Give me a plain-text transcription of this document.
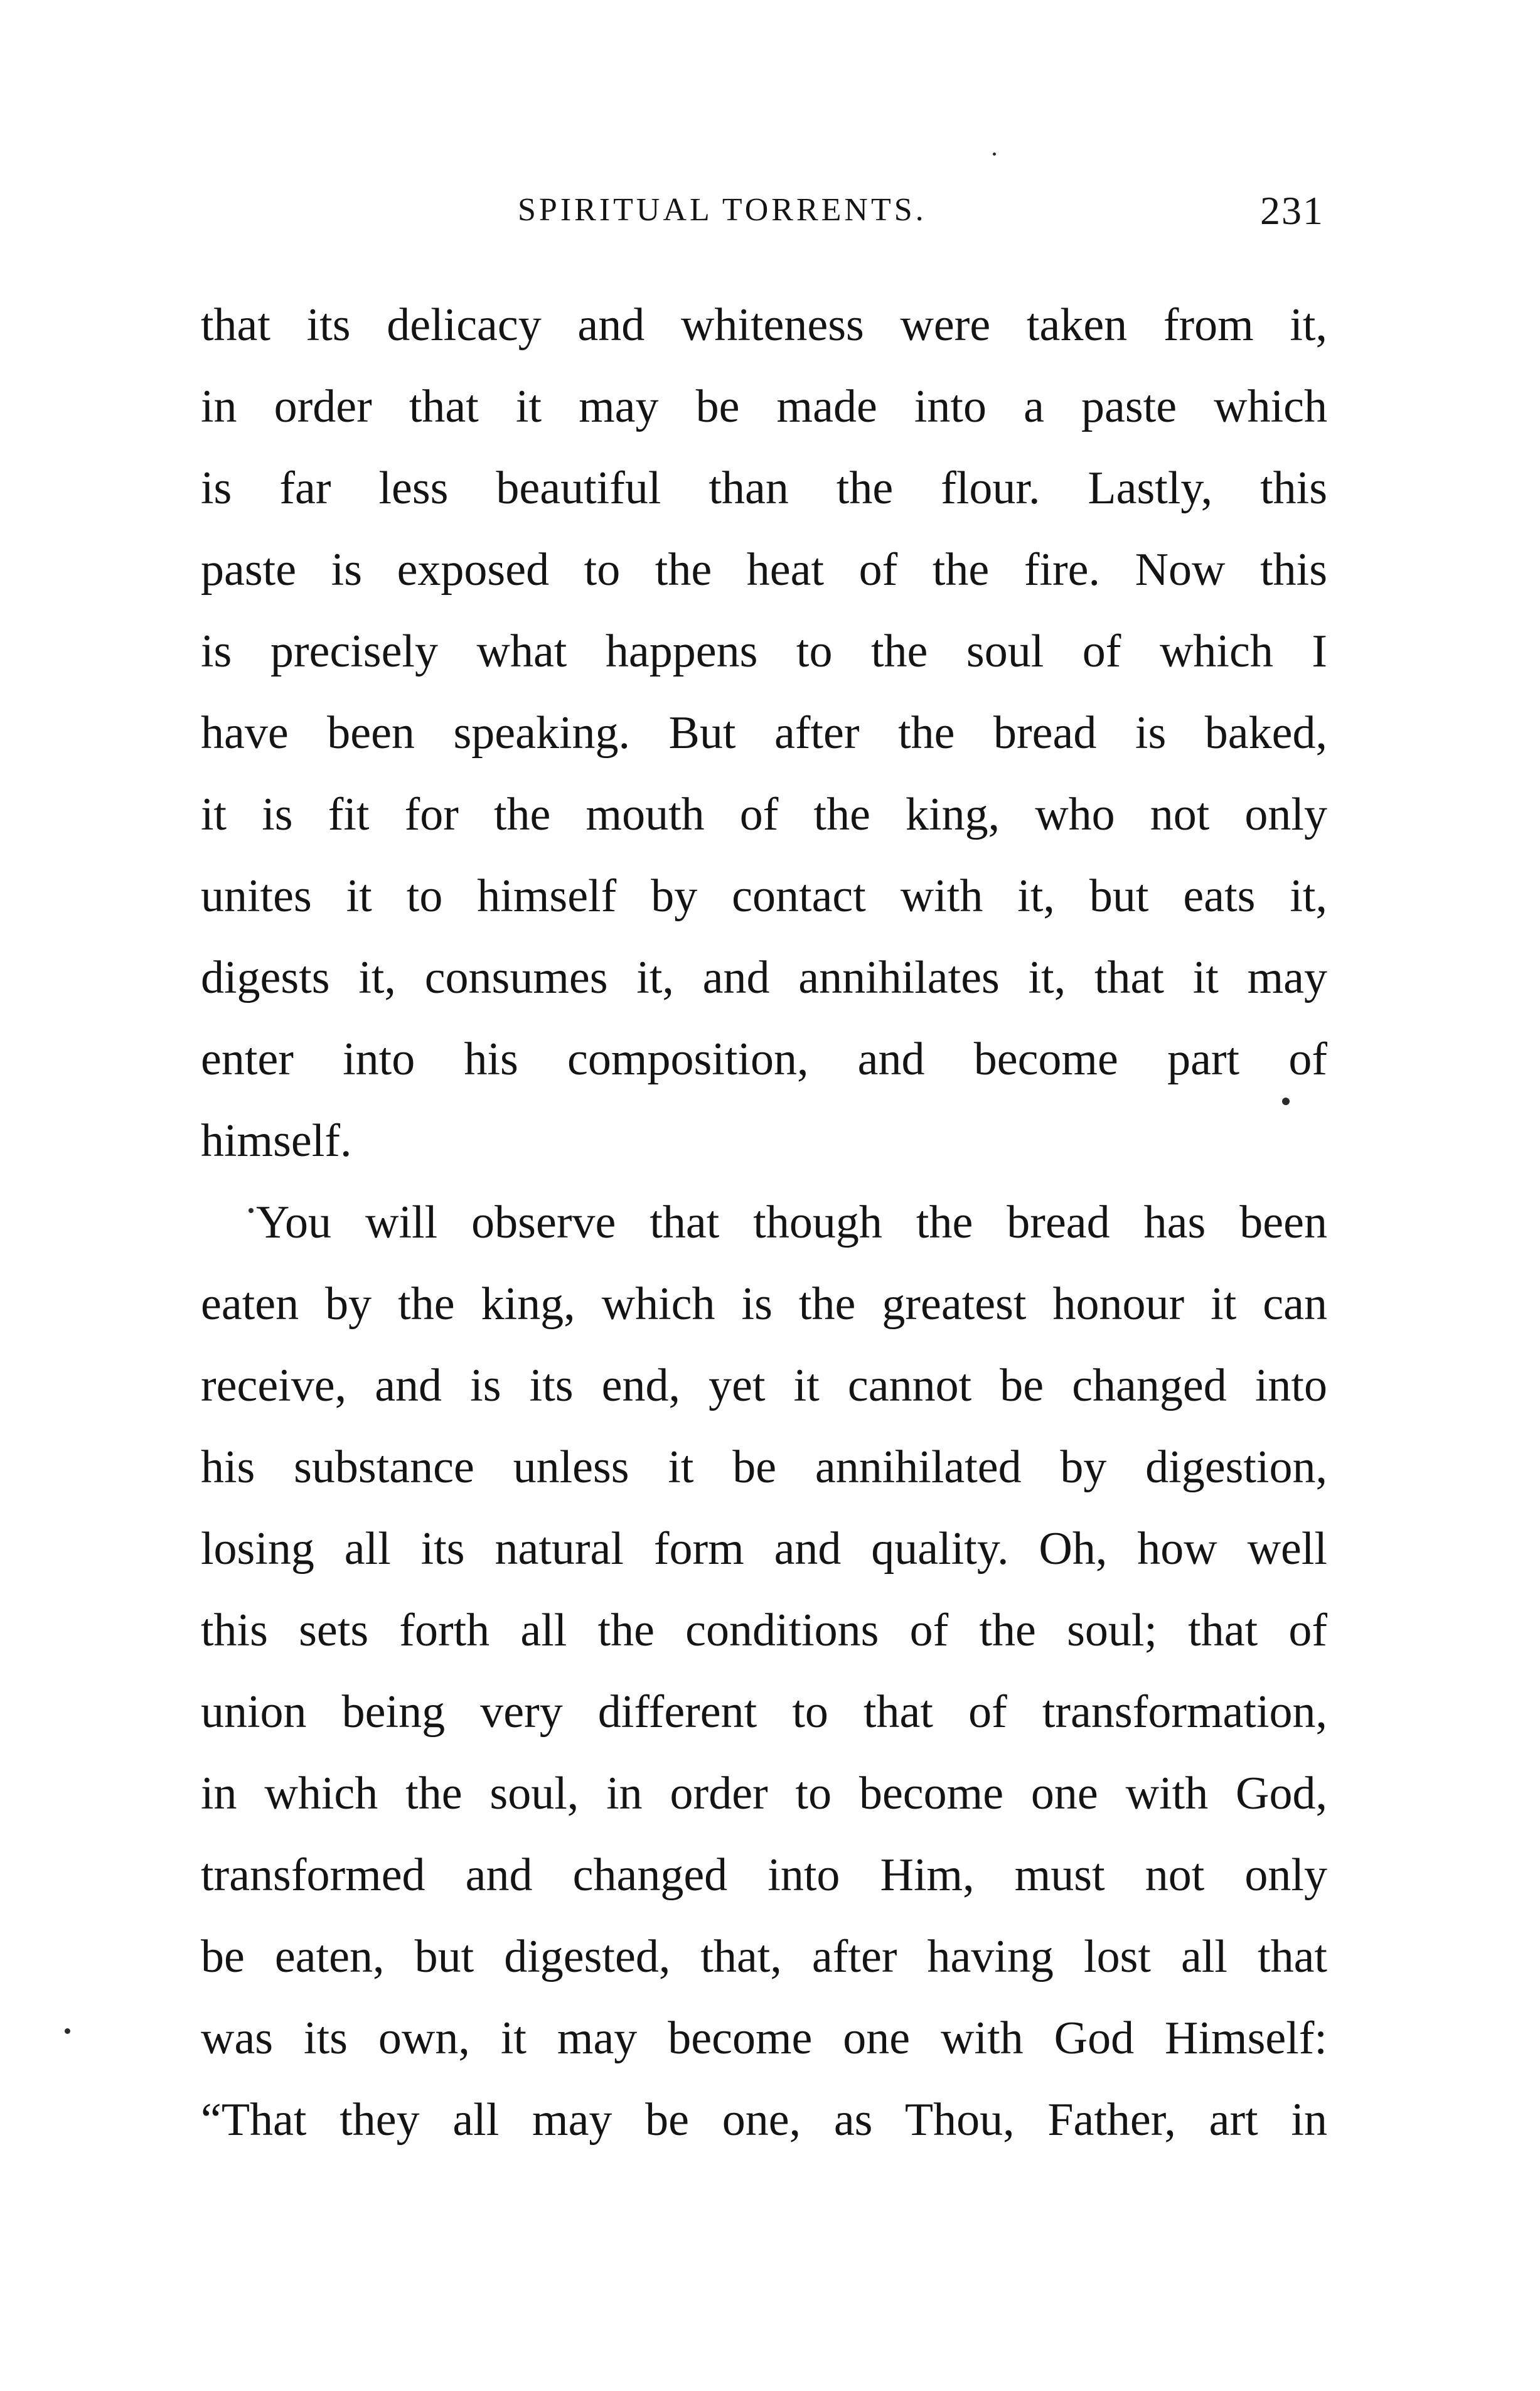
SPIRITUAL TORRENTS.	231
that its delicacy and whiteness were taken from it,
in order that it may be made into a paste which
is far less beautiful than the flour. Lastly, this
paste is exposed to the heat of the fire. Now this
is precisely what happens to the soul of which I
have been speaking. But after the bread is baked,
it is fit for the mouth of the king, who not only
unites it to himself by contact with it, but eats it,
digests it, consumes it, and annihilates it, that it may
enter into his composition, and become part of
himself.
You will observe that though the bread has been
eaten by the king, which is the greatest honour it can
receive, and is its end, yet it cannot be changed into
his substance unless it be annihilated by digestion,
losing all its natural form and quality. Oh, how well
this sets forth all the conditions of the soul; that of
union being very different to that of transformation,
in which the soul, in order to become one with God,
transformed and changed into Him, must not only
be eaten, but digested, that, after having lost all that
was its own, it may become one with God Himself:
“That they all may be one, as Thou, Father, art in
